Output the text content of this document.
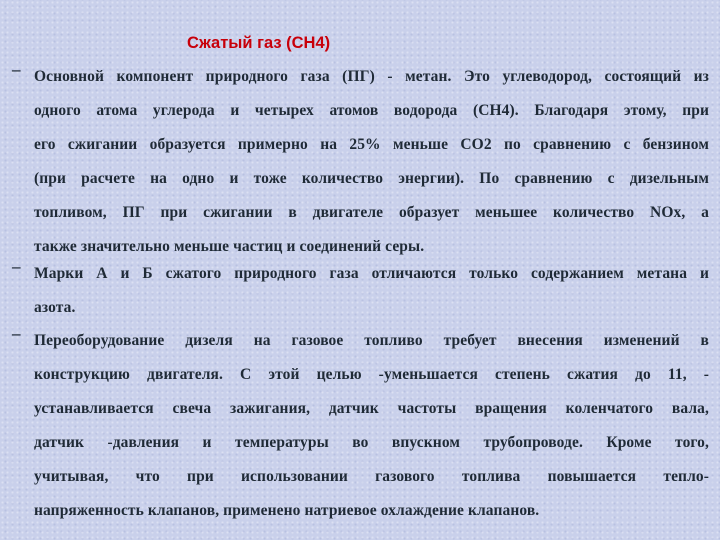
Сжатый газ (СН4)
– Основной компонент природного газа (ПГ) - метан. Это углеводород, состоящий из
одного атома углерода и четырех атомов водорода (СН4). Благодаря этому, при
его сжигании образуется примерно на 25% меньше СО2 по сравнению с бензином
(при расчете на одно и тоже количество энергии). По сравнению с дизельным
топливом, ПГ при сжигании в двигателе образует меньшее количество NOx, а
также значительно меньше частиц и соединений серы.
– Марки А и Б сжатого природного газа отличаются только содержанием метана и
азота.
– Переоборудование дизеля на газовое топливо требует внесения изменений в
конструкцию двигателя. С этой целью -уменьшается степень сжатия до 11, -
устанавливается свеча зажигания, датчик частоты вращения коленчатого вала,
датчик -давления и температуры во впускном трубопроводе. Кроме того,
учитывая, что при использовании газового топлива повышается тепло-
напряженность клапанов, применено натриевое охлаждение клапанов.
